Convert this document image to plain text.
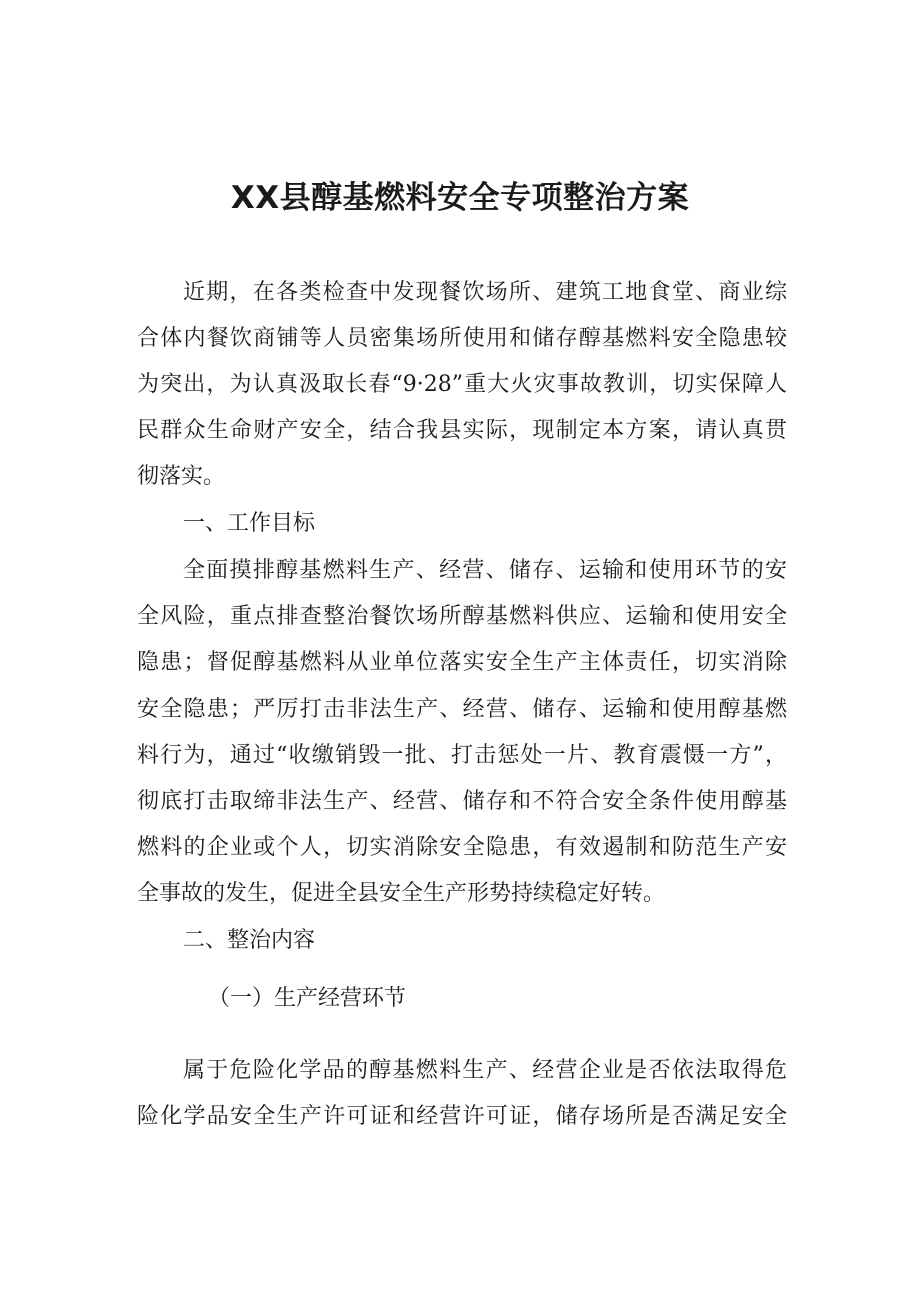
XX县醇基燃料安全专项整治方案

近期，在各类检查中发现餐饮场所、建筑工地食堂、商业综

合体内餐饮商铺等人员密集场所使用和储存醇基燃料安全隐患较

为突出，为认真汲取长春“9·28”重大火灾事故教训，切实保障人

民群众生命财产安全，结合我县实际，现制定本方案，请认真贯

彻落实。

一、工作目标

全面摸排醇基燃料生产、经营、储存、运输和使用环节的安

全风险，重点排查整治餐饮场所醇基燃料供应、运输和使用安全

隐患；督促醇基燃料从业单位落实安全生产主体责任，切实消除

安全隐患；严厉打击非法生产、经营、储存、运输和使用醇基燃

料行为，通过“收缴销毁一批、打击惩处一片、教育震慑一方”，

彻底打击取缔非法生产、经营、储存和不符合安全条件使用醇基

燃料的企业或个人，切实消除安全隐患，有效遏制和防范生产安

全事故的发生，促进全县安全生产形势持续稳定好转。

二、整治内容

（一）生产经营环节

属于危险化学品的醇基燃料生产、经营企业是否依法取得危

险化学品安全生产许可证和经营许可证，储存场所是否满足安全
